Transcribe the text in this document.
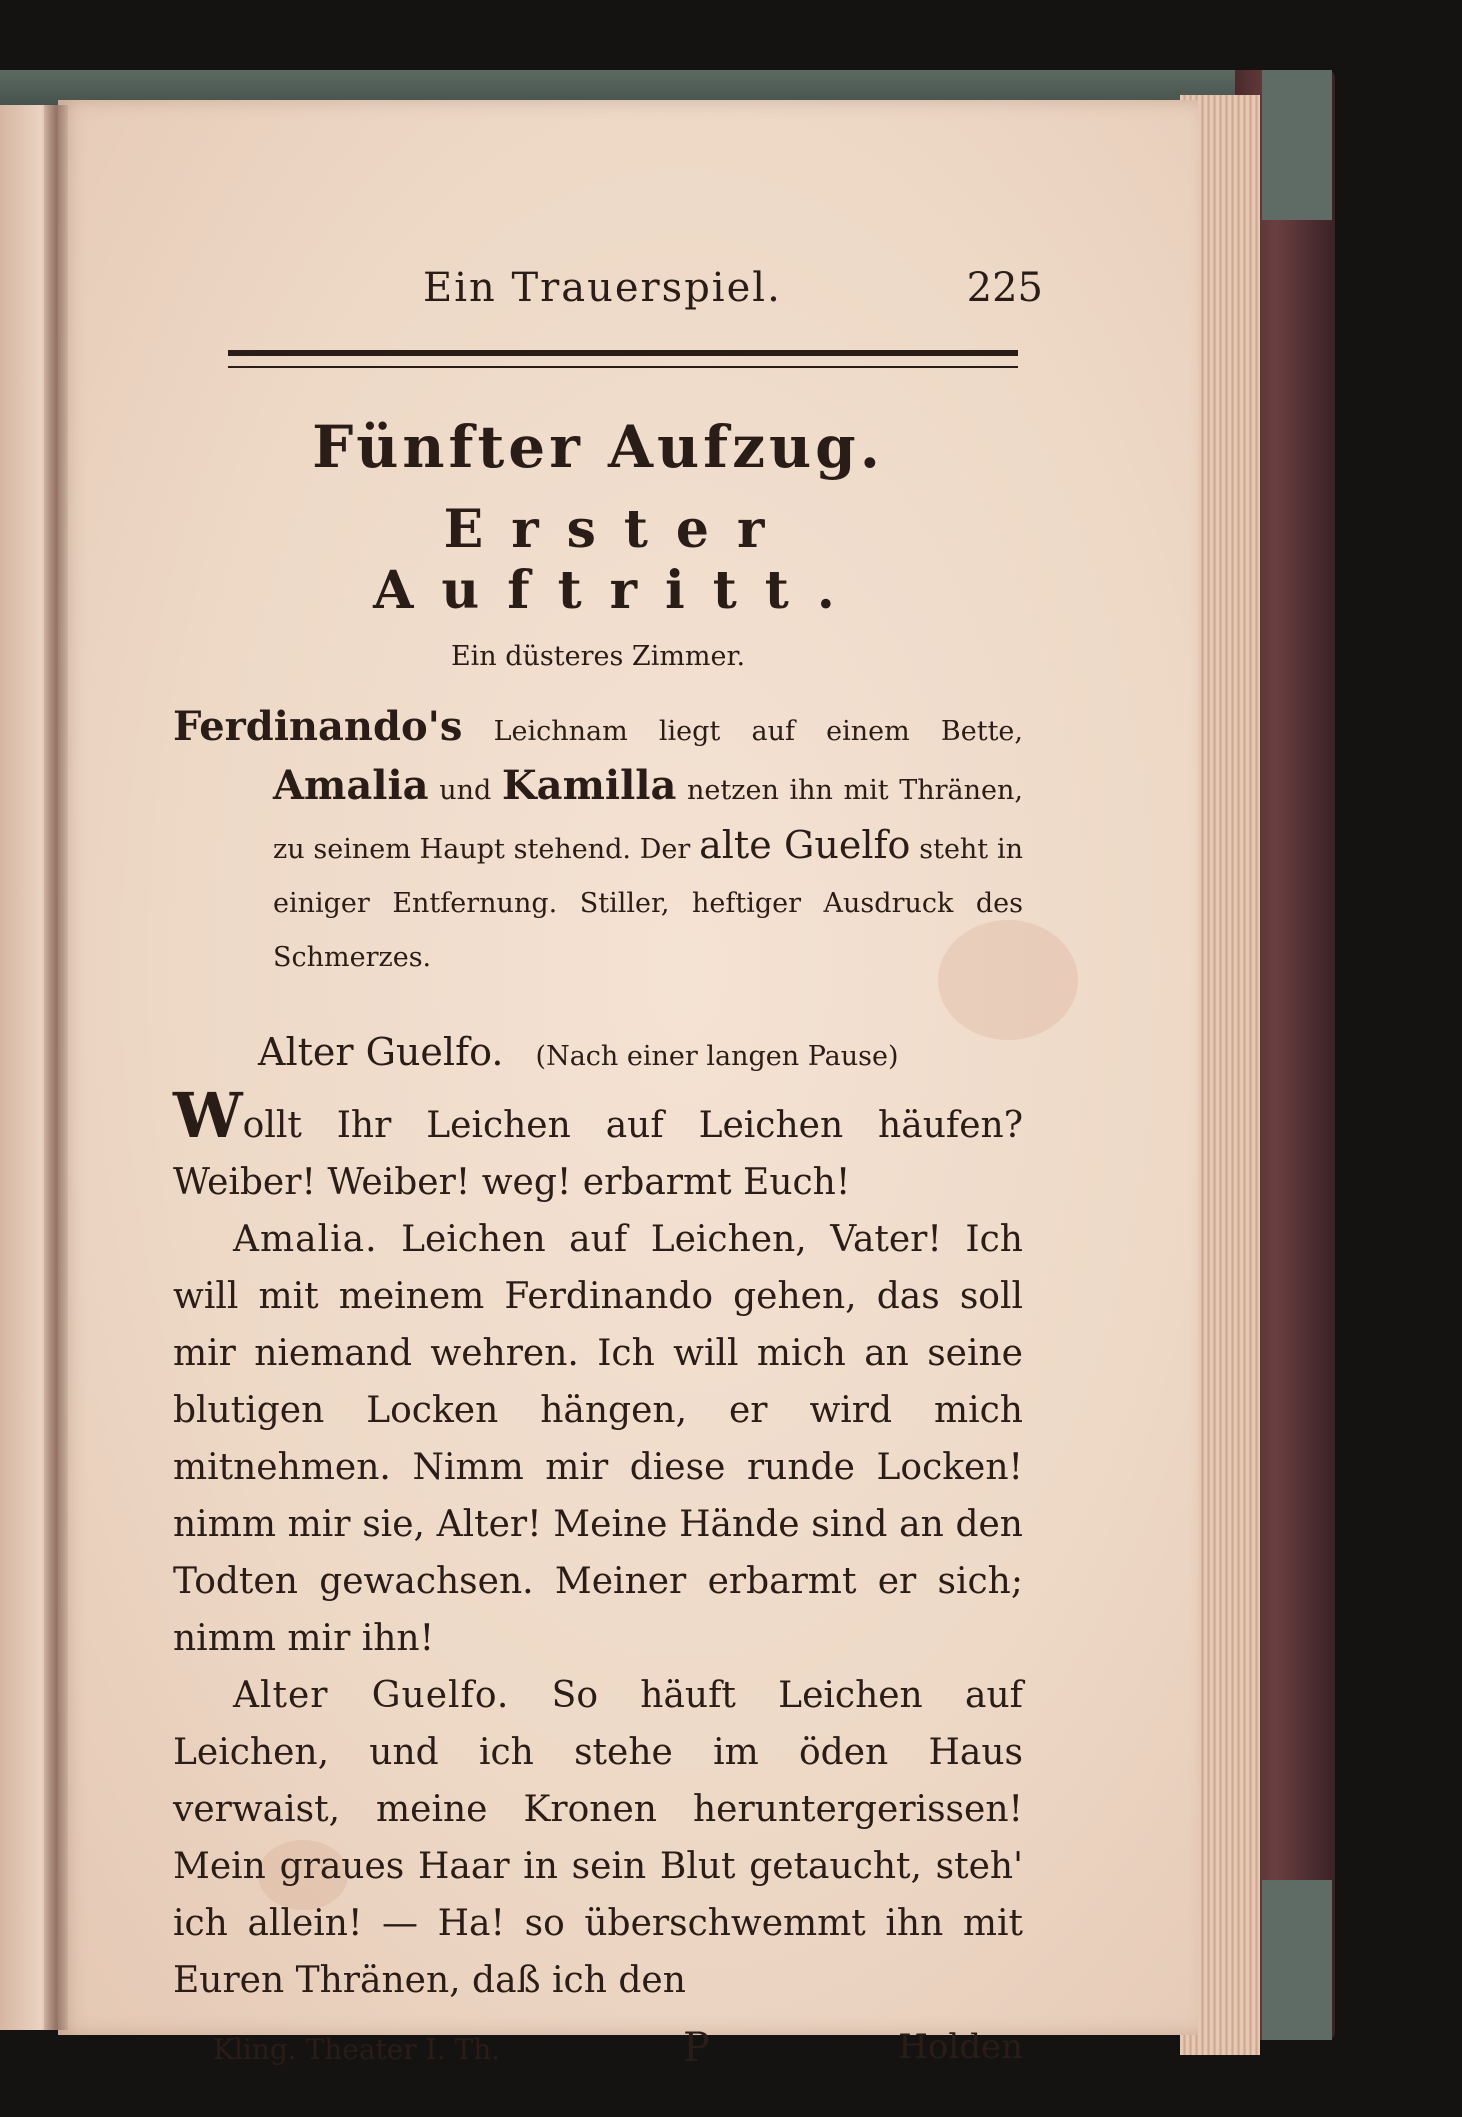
Ein Trauerspiel.	225
Fünfter Aufzug.
Erster Auftritt.
Ein düsteres Zimmer.
Ferdinando's Leichnam liegt auf einem Bette, Amalia und Kamilla netzen ihn mit Thränen, zu seinem Haupt stehend. Der alte Guelfo steht in einiger Entfernung. Stiller, heftiger Ausdruck des Schmerzes.
Alter Guelfo. (Nach einer langen Pause)
Wollt Ihr Leichen auf Leichen häufen? Weiber! Weiber! weg! erbarmt Euch!
Amalia. Leichen auf Leichen, Vater! Ich will mit meinem Ferdinando gehen, das soll mir niemand wehren. Ich will mich an seine blutigen Locken hängen, er wird mich mitnehmen. Nimm mir diese runde Locken! nimm mir sie, Alter! Meine Hände sind an den Todten gewachsen. Meiner erbarmt er sich; nimm mir ihn!
Alter Guelfo. So häuft Leichen auf Leichen, und ich stehe im öden Haus verwaist, meine Kronen heruntergerissen! Mein graues Haar in sein Blut getaucht, steh' ich allein! — Ha! so überschwemmt ihn mit Euren Thränen, daß ich den
Kling. Theater I. Th.	P	Holden
